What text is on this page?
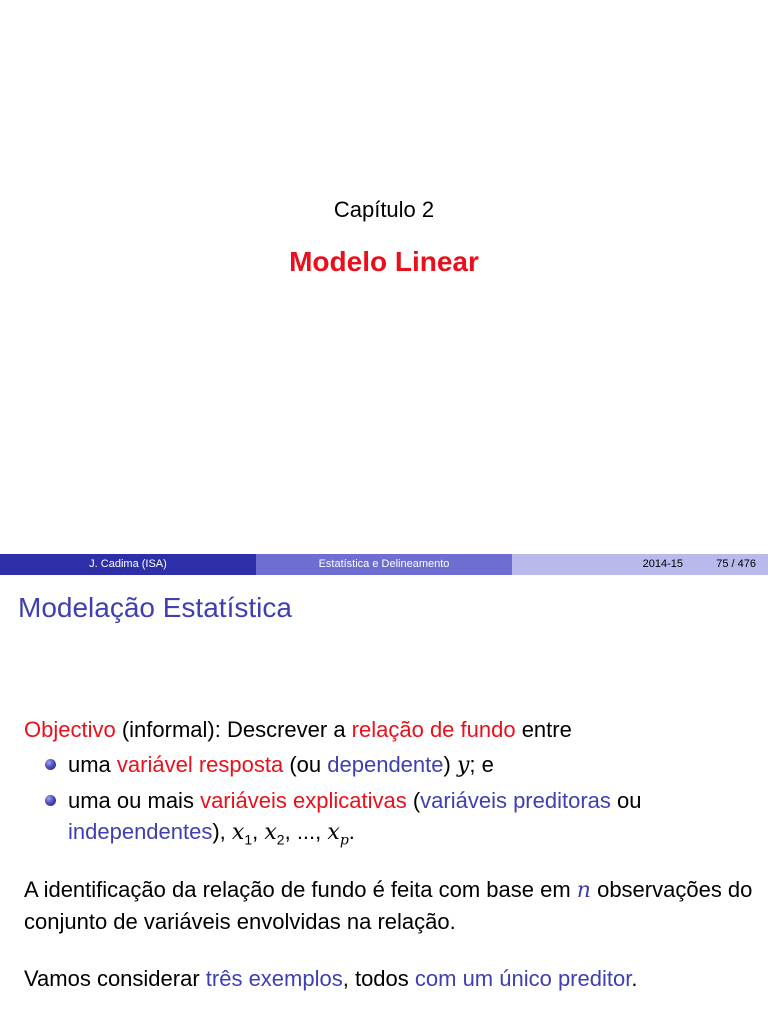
Capítulo 2
Modelo Linear
J. Cadima (ISA)	Estatística e Delineamento	2014-15	75 / 476
Modelação Estatística

Objectivo (informal): Descrever a relação de fundo entre

uma variável resposta (ou dependente) y; e
uma ou mais variáveis explicativas (variáveis preditoras ou independentes), $x_1$, $x_2$, ..., $x_p$.

A identificação da relação de fundo é feita com base em n observações do conjunto de variáveis envolvidas na relação.

Vamos considerar três exemplos, todos com um único preditor.
